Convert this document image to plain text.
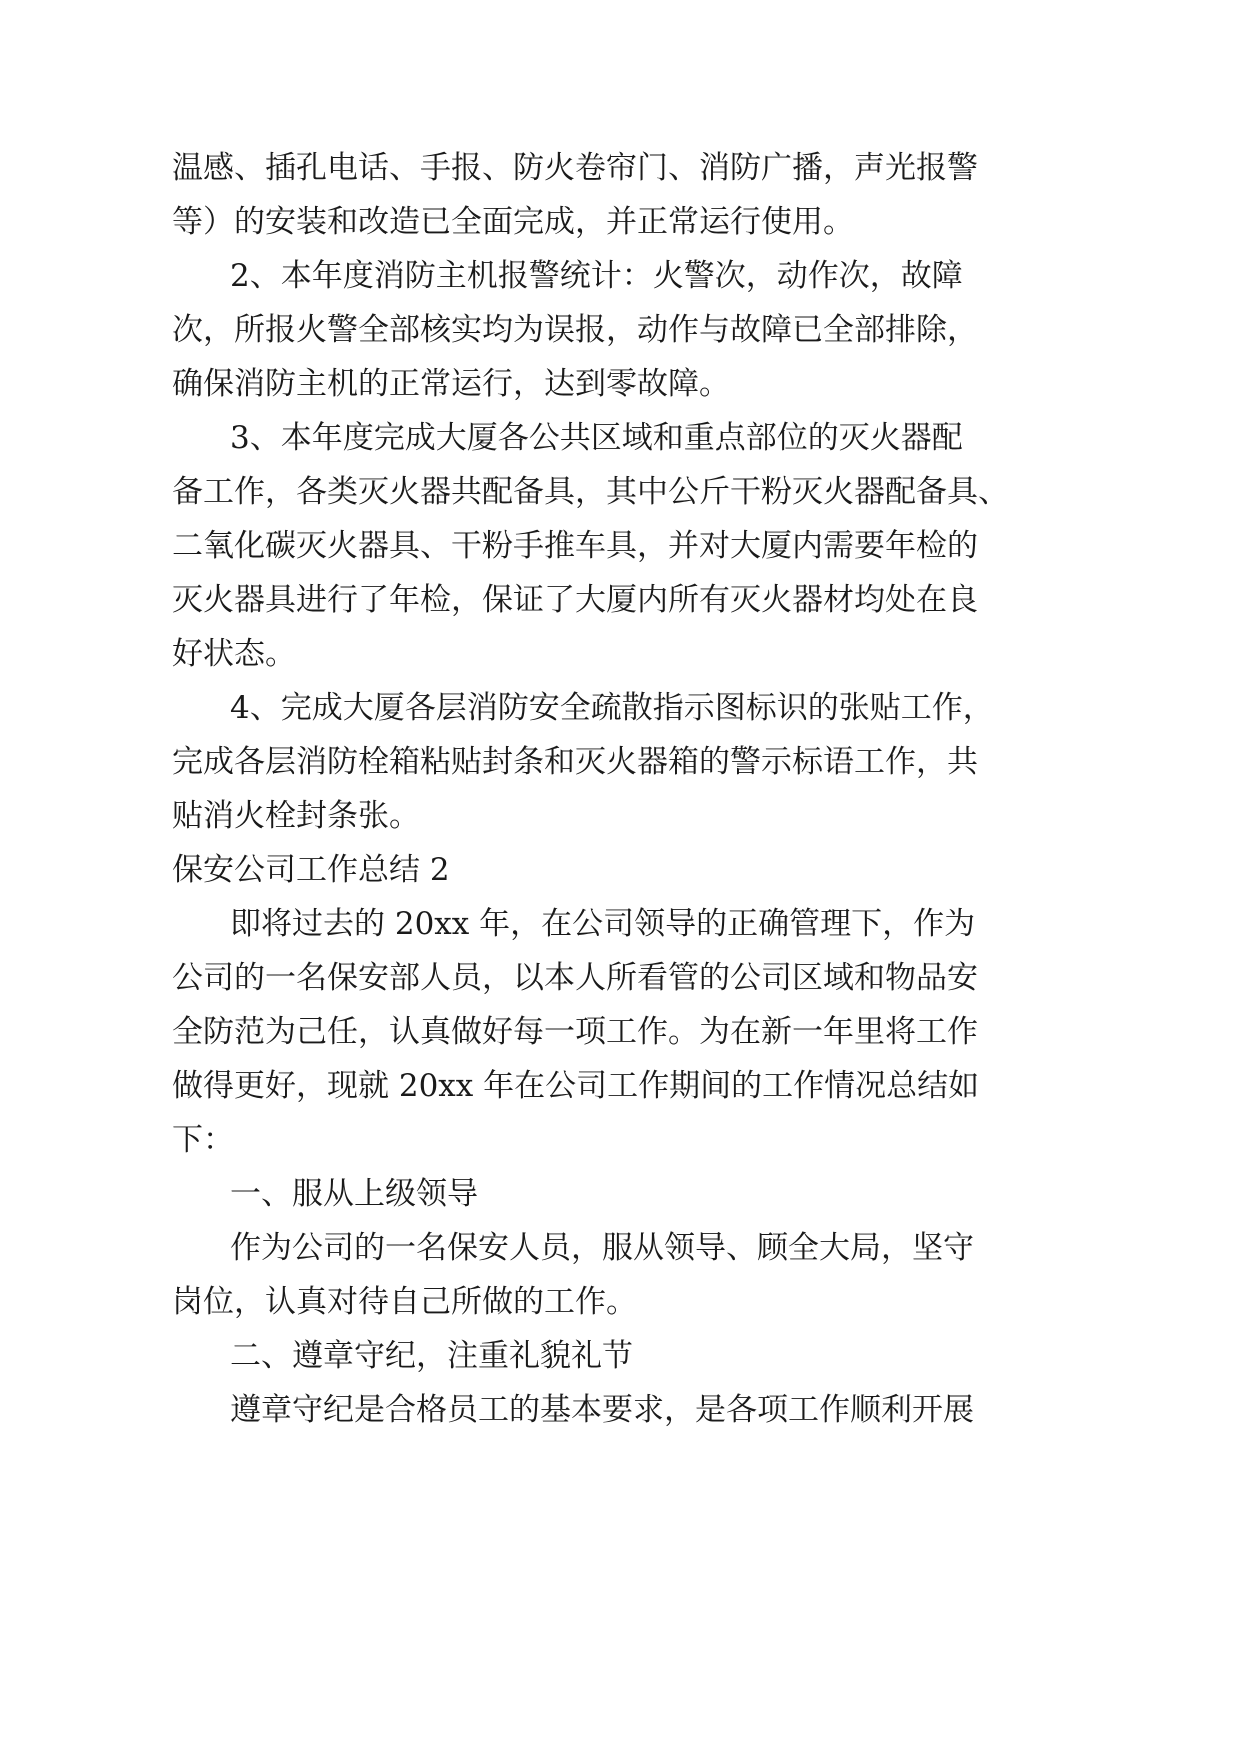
温感、插孔电话、手报、防火卷帘门、消防广播，声光报警
等）的安装和改造已全面完成，并正常运行使用。
2、本年度消防主机报警统计：火警次，动作次，故障
次，所报火警全部核实均为误报，动作与故障已全部排除，
确保消防主机的正常运行，达到零故障。
3、本年度完成大厦各公共区域和重点部位的灭火器配
备工作，各类灭火器共配备具，其中公斤干粉灭火器配备具、
二氧化碳灭火器具、干粉手推车具，并对大厦内需要年检的
灭火器具进行了年检，保证了大厦内所有灭火器材均处在良
好状态。
4、完成大厦各层消防安全疏散指示图标识的张贴工作，
完成各层消防栓箱粘贴封条和灭火器箱的警示标语工作，共
贴消火栓封条张。
保安公司工作总结 2
即将过去的 20xx 年，在公司领导的正确管理下，作为
公司的一名保安部人员，以本人所看管的公司区域和物品安
全防范为己任，认真做好每一项工作。为在新一年里将工作
做得更好，现就 20xx 年在公司工作期间的工作情况总结如
下：
一、服从上级领导
作为公司的一名保安人员，服从领导、顾全大局，坚守
岗位，认真对待自己所做的工作。
二、遵章守纪，注重礼貌礼节
遵章守纪是合格员工的基本要求，是各项工作顺利开展
